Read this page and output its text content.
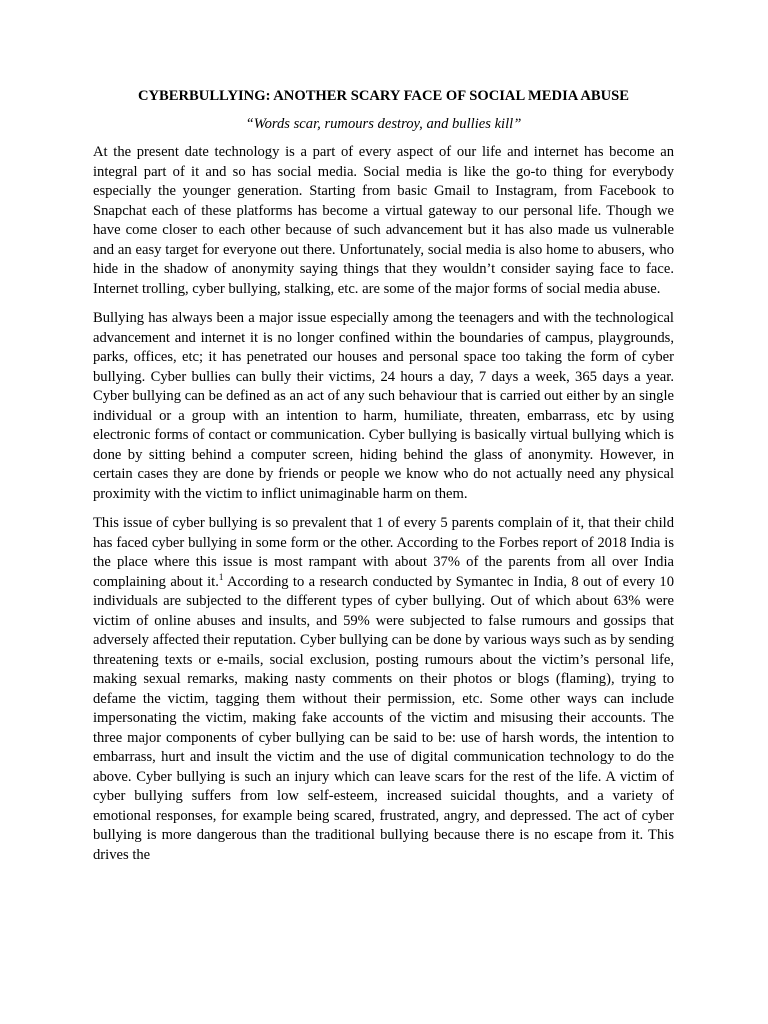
CYBERBULLYING: ANOTHER SCARY FACE OF SOCIAL MEDIA ABUSE

“Words scar, rumours destroy, and bullies kill”

At the present date technology is a part of every aspect of our life and internet has become an integral part of it and so has social media. Social media is like the go-to thing for everybody especially the younger generation. Starting from basic Gmail to Instagram, from Facebook to Snapchat each of these platforms has become a virtual gateway to our personal life. Though we have come closer to each other because of such advancement but it has also made us vulnerable and an easy target for everyone out there. Unfortunately, social media is also home to abusers, who hide in the shadow of anonymity saying things that they wouldn’t consider saying face to face. Internet trolling, cyber bullying, stalking, etc. are some of the major forms of social media abuse.

Bullying has always been a major issue especially among the teenagers and with the technological advancement and internet it is no longer confined within the boundaries of campus, playgrounds, parks, offices, etc; it has penetrated our houses and personal space too taking the form of cyber bullying. Cyber bullies can bully their victims, 24 hours a day, 7 days a week, 365 days a year. Cyber bullying can be defined as an act of any such behaviour that is carried out either by an single individual or a group with an intention to harm, humiliate, threaten, embarrass, etc by using electronic forms of contact or communication. Cyber bullying is basically virtual bullying which is done by sitting behind a computer screen, hiding behind the glass of anonymity. However, in certain cases they are done by friends or people we know who do not actually need any physical proximity with the victim to inflict unimaginable harm on them.

This issue of cyber bullying is so prevalent that 1 of every 5 parents complain of it, that their child has faced cyber bullying in some form or the other. According to the Forbes report of 2018 India is the place where this issue is most rampant with about 37% of the parents from all over India complaining about it.$^1$ According to a research conducted by Symantec in India, 8 out of every 10 individuals are subjected to the different types of cyber bullying. Out of which about 63% were victim of online abuses and insults, and 59% were subjected to false rumours and gossips that adversely affected their reputation. Cyber bullying can be done by various ways such as by sending threatening texts or e-mails, social exclusion, posting rumours about the victim’s personal life, making sexual remarks, making nasty comments on their photos or blogs (flaming), trying to defame the victim, tagging them without their permission, etc. Some other ways can include impersonating the victim, making fake accounts of the victim and misusing their accounts. The three major components of cyber bullying can be said to be: use of harsh words, the intention to embarrass, hurt and insult the victim and the use of digital communication technology to do the above. Cyber bullying is such an injury which can leave scars for the rest of the life. A victim of cyber bullying suffers from low self-esteem, increased suicidal thoughts, and a variety of emotional responses, for example being scared, frustrated, angry, and depressed. The act of cyber bullying is more dangerous than the traditional bullying because there is no escape from it. This drives the
